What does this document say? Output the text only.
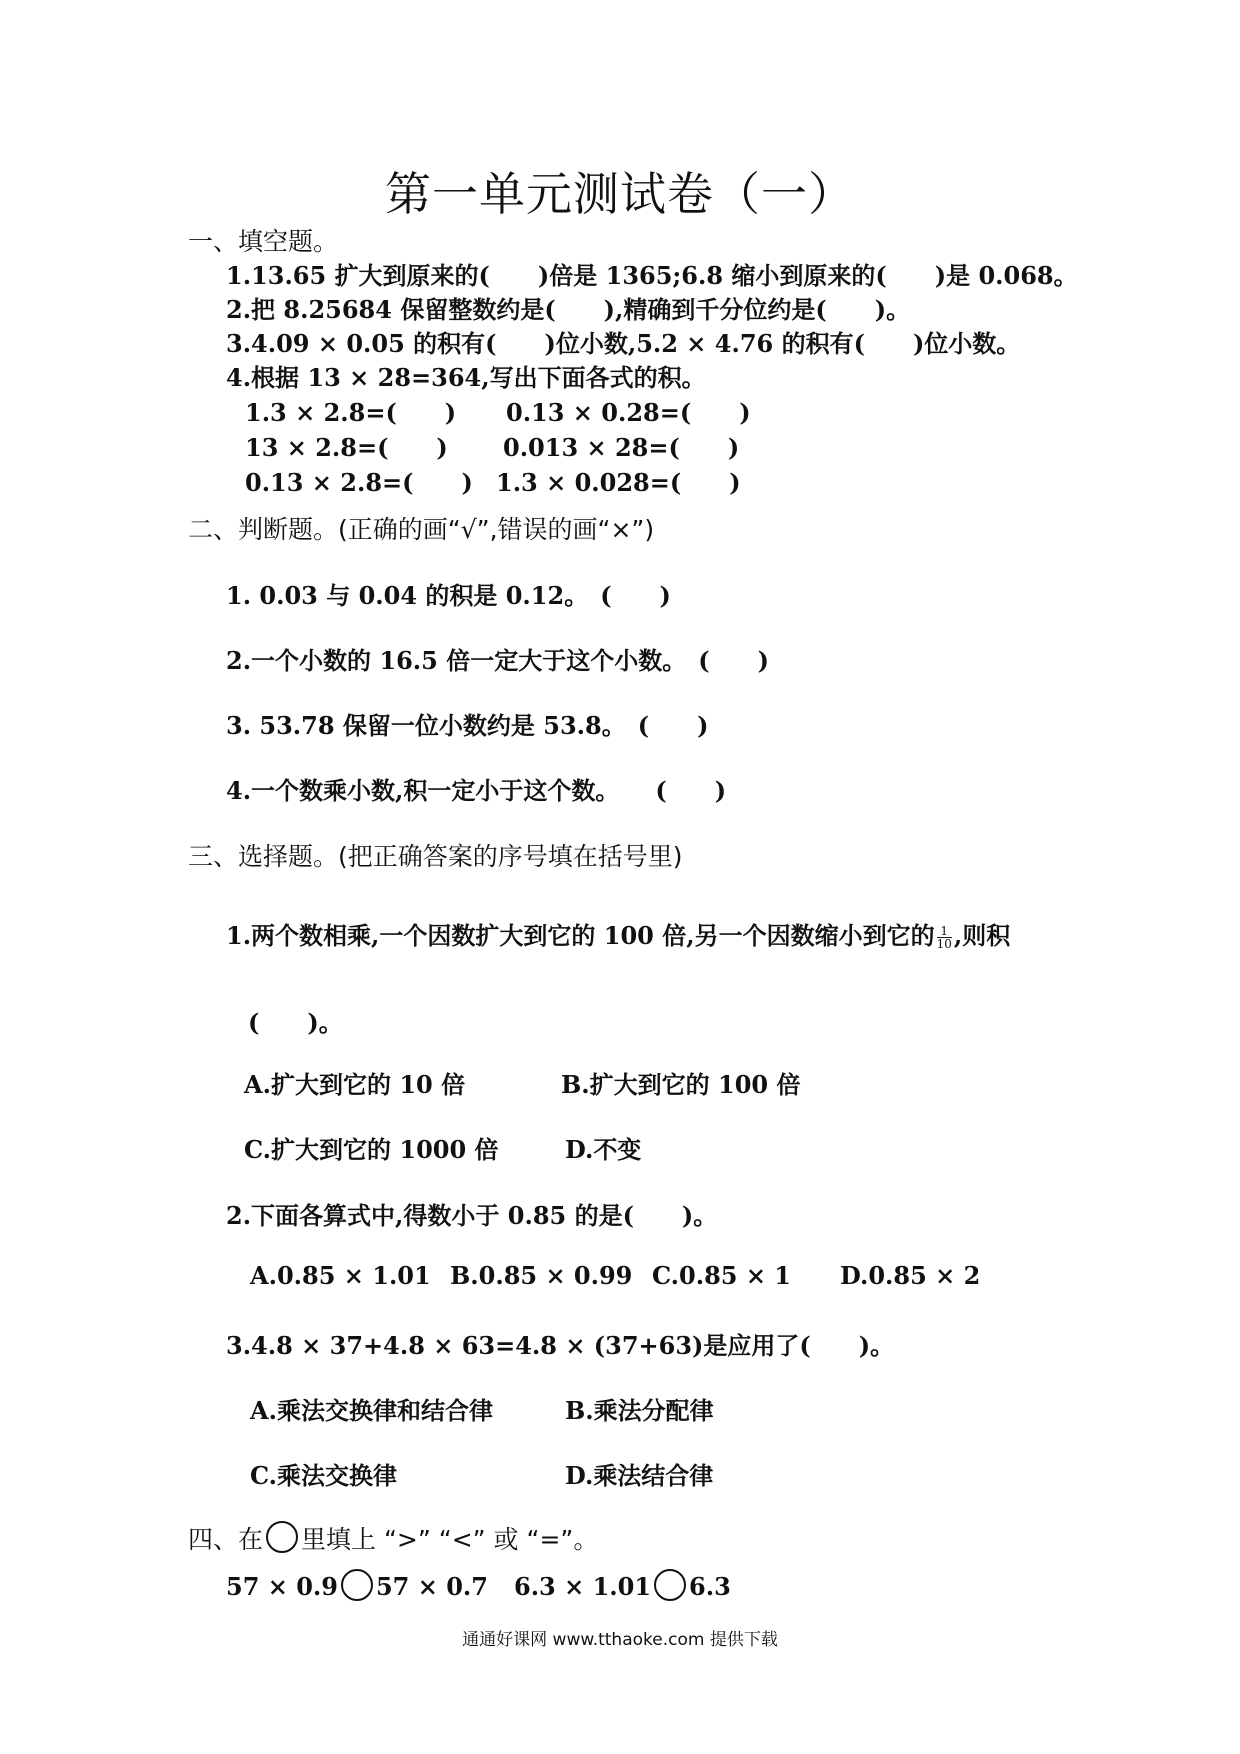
第一单元测试卷（一）
一、填空题。
1.13.65 扩大到原来的(　　)倍是 1365;6.8 缩小到原来的(　　)是 0.068。
2.把 8.25684 保留整数约是(　　),精确到千分位约是(　　)。
3.4.09 × 0.05 的积有(　　)位小数,5.2 × 4.76 的积有(　　)位小数。
4.根据 13 × 28=364,写出下面各式的积。
1.3 × 2.8=(　　) 0.13 × 0.28=(　　)
13 × 2.8=(　　) 0.013 × 28=(　　)
0.13 × 2.8=(　　) 1.3 × 0.028=(　　)
二、判断题。(正确的画“√”,错误的画“×”)
1. 0.03 与 0.04 的积是 0.12。　(　　)
2.一个小数的 16.5 倍一定大于这个小数。　(　　)
3. 53.78 保留一位小数约是 53.8。　(　　)
4.一个数乘小数,积一定小于这个数。　　(　　)
三、选择题。(把正确答案的序号填在括号里)
1.两个数相乘,一个因数扩大到它的 100 倍,另一个因数缩小到它的 $\frac{1}{10}$ ,则积
(　　)。
A.扩大到它的 10 倍	B.扩大到它的 100 倍
C.扩大到它的 1000 倍	D.不变
2.下面各算式中,得数小于 0.85 的是(　　)。
A.0.85 × 1.01 B.0.85 × 0.99 C.0.85 × 1 D.0.85 × 2
3.4.8 × 37+4.8 × 63=4.8 × (37+63)是应用了(　　)。
A.乘法交换律和结合律	B.乘法分配律
C.乘法交换律	D.乘法结合律
四、在 里填上 “>” “<” 或 “=”。
57 × 0.9 57 × 0.7 6.3 × 1.01 6.3
通通好课网 www.tthaoke.com 提供下载
